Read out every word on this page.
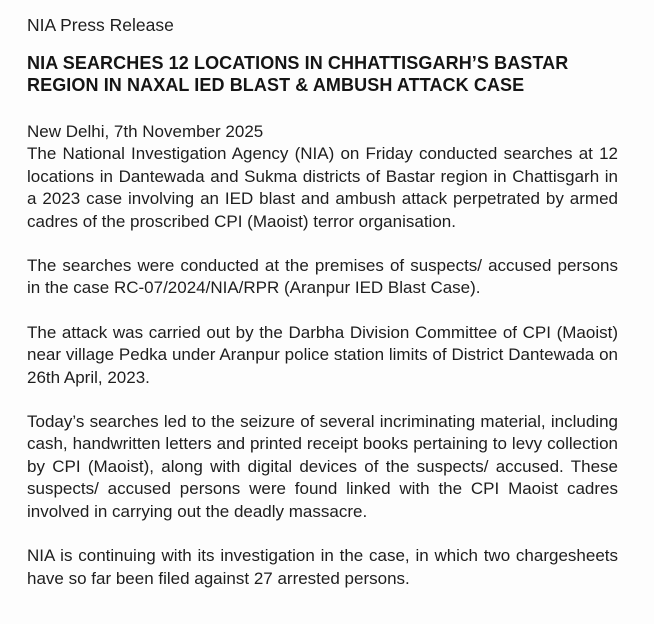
NIA Press Release
NIA SEARCHES 12 LOCATIONS IN CHHATTISGARH’S BASTAR REGION IN NAXAL IED BLAST & AMBUSH ATTACK CASE
New Delhi, 7th November 2025

The National Investigation Agency (NIA) on Friday conducted searches at 12 locations in Dantewada and Sukma districts of Bastar region in Chattisgarh in a 2023 case involving an IED blast and ambush attack perpetrated by armed cadres of the proscribed CPI (Maoist) terror organisation.

The searches were conducted at the premises of suspects/ accused persons in the case RC-07/2024/NIA/RPR (Aranpur IED Blast Case).

The attack was carried out by the Darbha Division Committee of CPI (Maoist) near village Pedka under Aranpur police station limits of District Dantewada on 26th April, 2023.

Today’s searches led to the seizure of several incriminating material, including cash, handwritten letters and printed receipt books pertaining to levy collection by CPI (Maoist), along with digital devices of the suspects/ accused. These suspects/ accused persons were found linked with the CPI Maoist cadres involved in carrying out the deadly massacre.

NIA is continuing with its investigation in the case, in which two chargesheets have so far been filed against 27 arrested persons.
